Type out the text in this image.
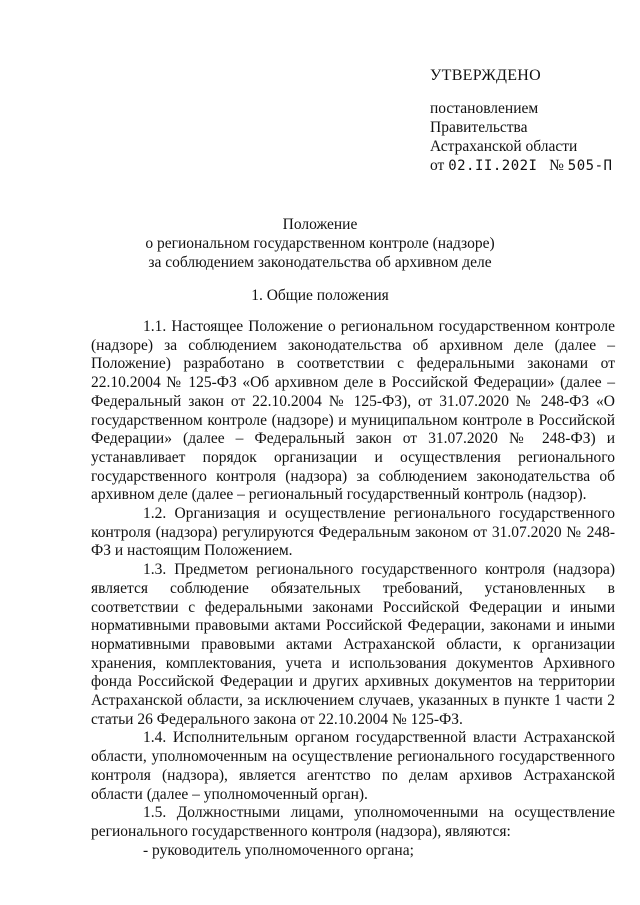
УТВЕРЖДЕНО
постановлением
Правительства
Астраханской области
от 02.II.202I № 505-П
Положение
о региональном государственном контроле (надзоре)
за соблюдением законодательства об архивном деле
1. Общие положения

1.1. Настоящее Положение о региональном государственном контроле (надзоре) за соблюдением законодательства об архивном деле (далее – Положение) разработано в соответствии с федеральными законами от 22.10.2004 № 125-ФЗ «Об архивном деле в Российской Федерации» (далее – Федеральный закон от 22.10.2004 № 125-ФЗ), от 31.07.2020 № 248-ФЗ «О государственном контроле (надзоре) и муниципальном контроле в Российской Федерации» (далее – Федеральный закон от 31.07.2020 № 248-ФЗ) и устанавливает порядок организации и осуществления регионального государственного контроля (надзора) за соблюдением законодательства об архивном деле (далее – региональный государственный контроль (надзор).

1.2. Организация и осуществление регионального государственного контроля (надзора) регулируются Федеральным законом от 31.07.2020 № 248-ФЗ и настоящим Положением.

1.3. Предметом регионального государственного контроля (надзора) является соблюдение обязательных требований, установленных в соответствии с федеральными законами Российской Федерации и иными нормативными правовыми актами Российской Федерации, законами и иными нормативными правовыми актами Астраханской области, к организации хранения, комплектования, учета и использования документов Архивного фонда Российской Федерации и других архивных документов на территории Астраханской области, за исключением случаев, указанных в пункте 1 части 2 статьи 26 Федерального закона от 22.10.2004 № 125-ФЗ.

1.4. Исполнительным органом государственной власти Астраханской области, уполномоченным на осуществление регионального государственного контроля (надзора), является агентство по делам архивов Астраханской области (далее – уполномоченный орган).

1.5. Должностными лицами, уполномоченными на осуществление регионального государственного контроля (надзора), являются:

- руководитель уполномоченного органа;
